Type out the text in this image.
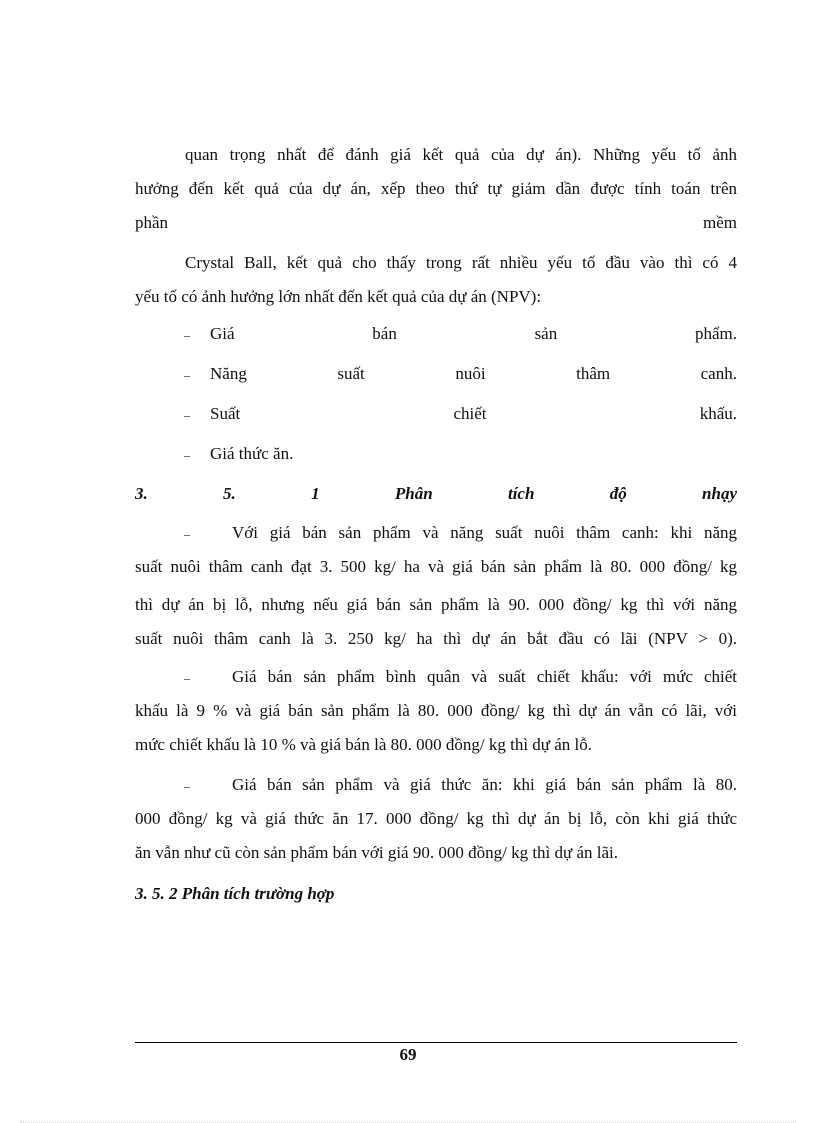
quan trọng nhất để đánh giá kết quả của dự án). Những yếu tố ảnh
hưởng đến kết quả của dự án, xếp theo thứ tự giảm dần được tính toán trên
phần	mềm
Crystal Ball, kết quả cho thấy trong rất nhiều yếu tố đầu vào thì có 4
yếu tố có ảnh hưởng lớn nhất đến kết quả của dự án (NPV):
–	Giá	bán	sản	phẩm.
–	Năng	suất	nuôi	thâm	canh.
–	Suất	chiết	khấu.
–	Giá thức ăn.
3.	5.	1	Phân	tích	độ	nhạy
–	Với giá bán sản phẩm và năng suất nuôi thâm canh: khi năng
suất nuôi thâm canh đạt 3. 500 kg/ ha và giá bán sản phẩm là 80. 000 đồng/ kg
thì dự án bị lỗ, nhưng nếu giá bán sản phẩm là 90. 000 đồng/ kg thì với năng
suất nuôi thâm canh là 3. 250 kg/ ha thì dự án bắt đầu có lãi (NPV > 0).
–	Giá bán sản phẩm bình quân và suất chiết khấu: với mức chiết
khấu là 9 % và giá bán sản phẩm là 80. 000 đồng/ kg thì dự án vẫn có lãi, với
mức chiết khấu là 10 % và giá bán là 80. 000 đồng/ kg thì dự án lỗ.
–	Giá bán sản phẩm và giá thức ăn: khi giá bán sản phẩm là 80.
000 đồng/ kg và giá thức ăn 17. 000 đồng/ kg thì dự án bị lỗ, còn khi giá thức
ăn vẫn như cũ còn sản phẩm bán với giá 90. 000 đồng/ kg thì dự án lãi.
3. 5. 2 Phân tích trường hợp
69
